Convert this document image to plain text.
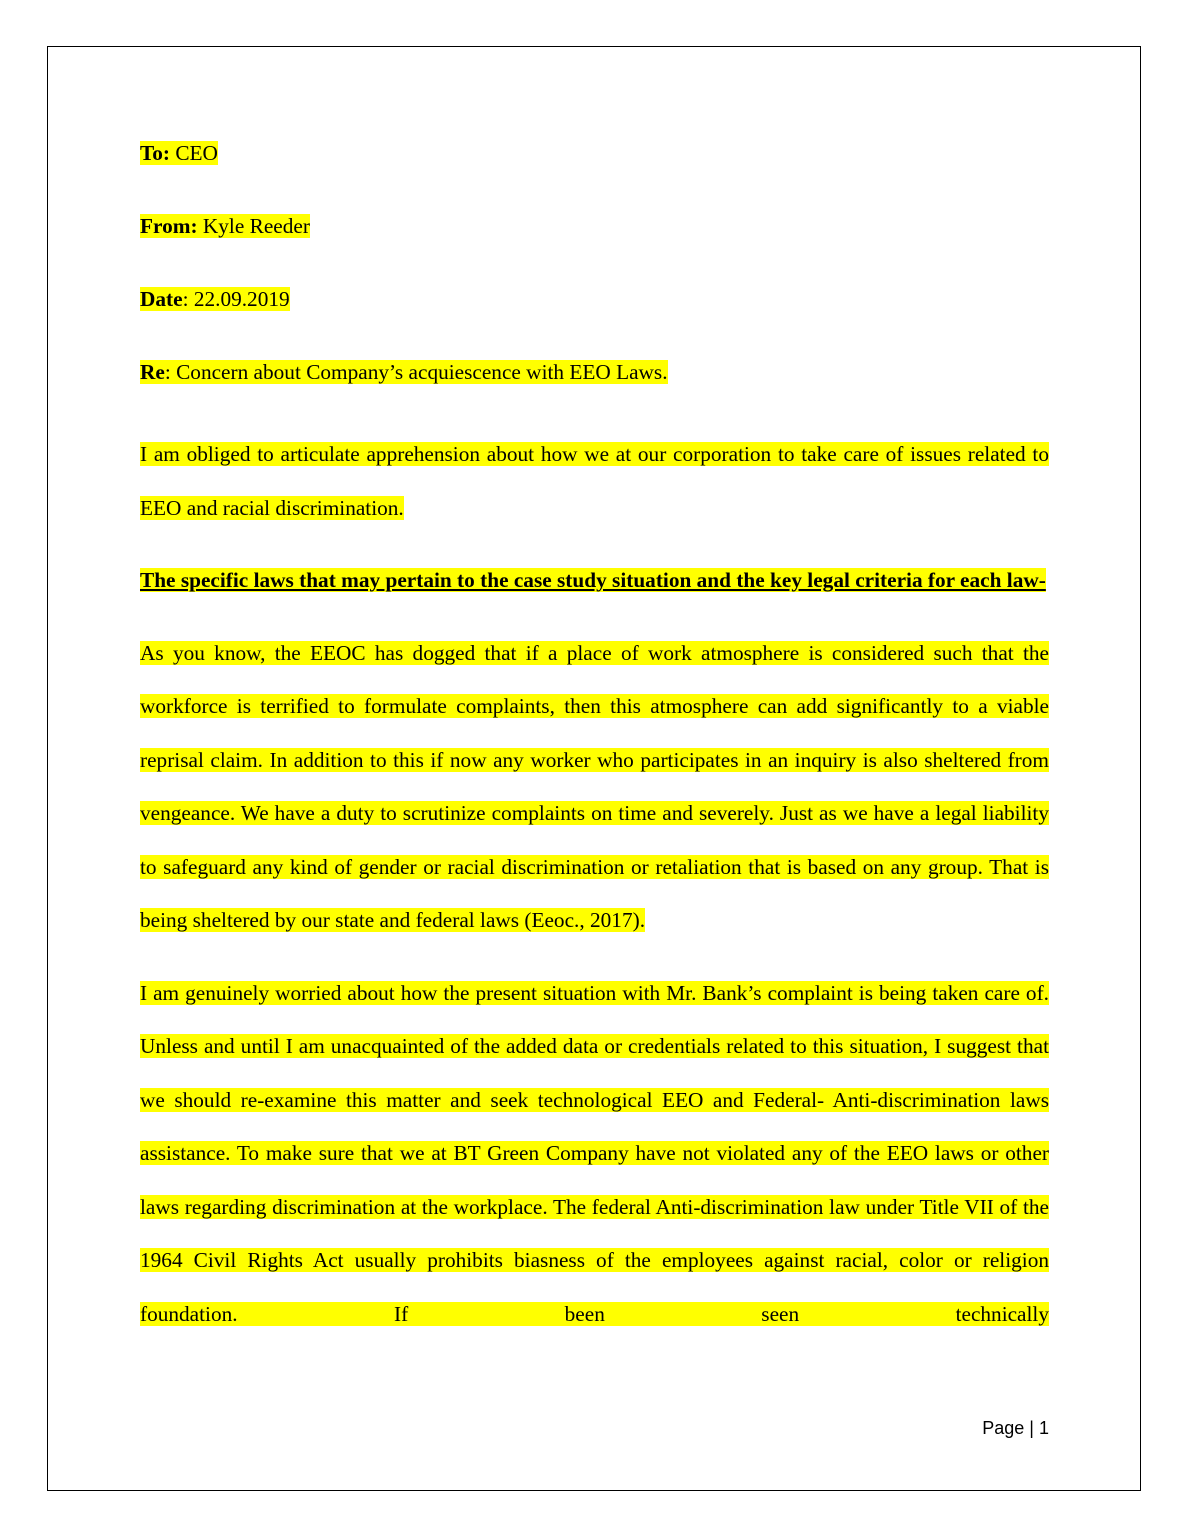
To: CEO

From: Kyle Reeder

Date: 22.09.2019

Re: Concern about Company’s acquiescence with EEO Laws.

I am obliged to articulate apprehension about how we at our corporation to take care of issues related to EEO and racial discrimination.

The specific laws that may pertain to the case study situation and the key legal criteria for each law-

As you know, the EEOC has dogged that if a place of work atmosphere is considered such that the workforce is terrified to formulate complaints, then this atmosphere can add significantly to a viable reprisal claim. In addition to this if now any worker who participates in an inquiry is also sheltered from vengeance. We have a duty to scrutinize complaints on time and severely. Just as we have a legal liability to safeguard any kind of gender or racial discrimination or retaliation that is based on any group. That is being sheltered by our state and federal laws (Eeoc., 2017).

I am genuinely worried about how the present situation with Mr. Bank’s complaint is being taken care of. Unless and until I am unacquainted of the added data or credentials related to this situation, I suggest that we should re-examine this matter and seek technological EEO and Federal- Anti-discrimination laws assistance. To make sure that we at BT Green Company have not violated any of the EEO laws or other laws regarding discrimination at the workplace. The federal Anti-discrimination law under Title VII of the 1964 Civil Rights Act usually prohibits biasness of the employees against racial, color or religion foundation. If been seen technically

Page | 1
